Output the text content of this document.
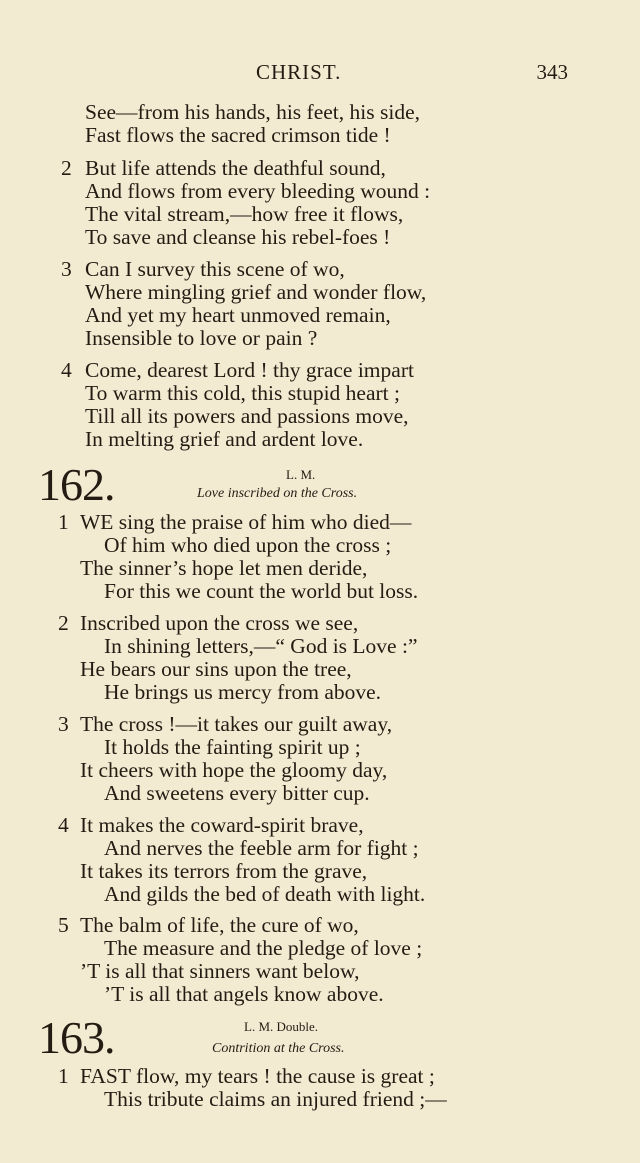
CHRIST.	343
See—from his hands, his feet, his side,
Fast flows the sacred crimson tide !
2 But life attends the deathful sound,
And flows from every bleeding wound :
The vital stream,—how free it flows,
To save and cleanse his rebel-foes !
3 Can I survey this scene of wo,
Where mingling grief and wonder flow,
And yet my heart unmoved remain,
Insensible to love or pain ?
4 Come, dearest Lord ! thy grace impart
To warm this cold, this stupid heart ;
Till all its powers and passions move,
In melting grief and ardent love.
162.	L. M.
Love inscribed on the Cross.
1 WE sing the praise of him who died—
Of him who died upon the cross ;
The sinner’s hope let men deride,
For this we count the world but loss.
2 Inscribed upon the cross we see,
In shining letters,—“ God is Love :”
He bears our sins upon the tree,
He brings us mercy from above.
3 The cross !—it takes our guilt away,
It holds the fainting spirit up ;
It cheers with hope the gloomy day,
And sweetens every bitter cup.
4 It makes the coward-spirit brave,
And nerves the feeble arm for fight ;
It takes its terrors from the grave,
And gilds the bed of death with light.
5 The balm of life, the cure of wo,
The measure and the pledge of love ;
’T is all that sinners want below,
’T is all that angels know above.
163.	L. M. Double.
Contrition at the Cross.
1 FAST flow, my tears ! the cause is great ;
This tribute claims an injured friend ;—
